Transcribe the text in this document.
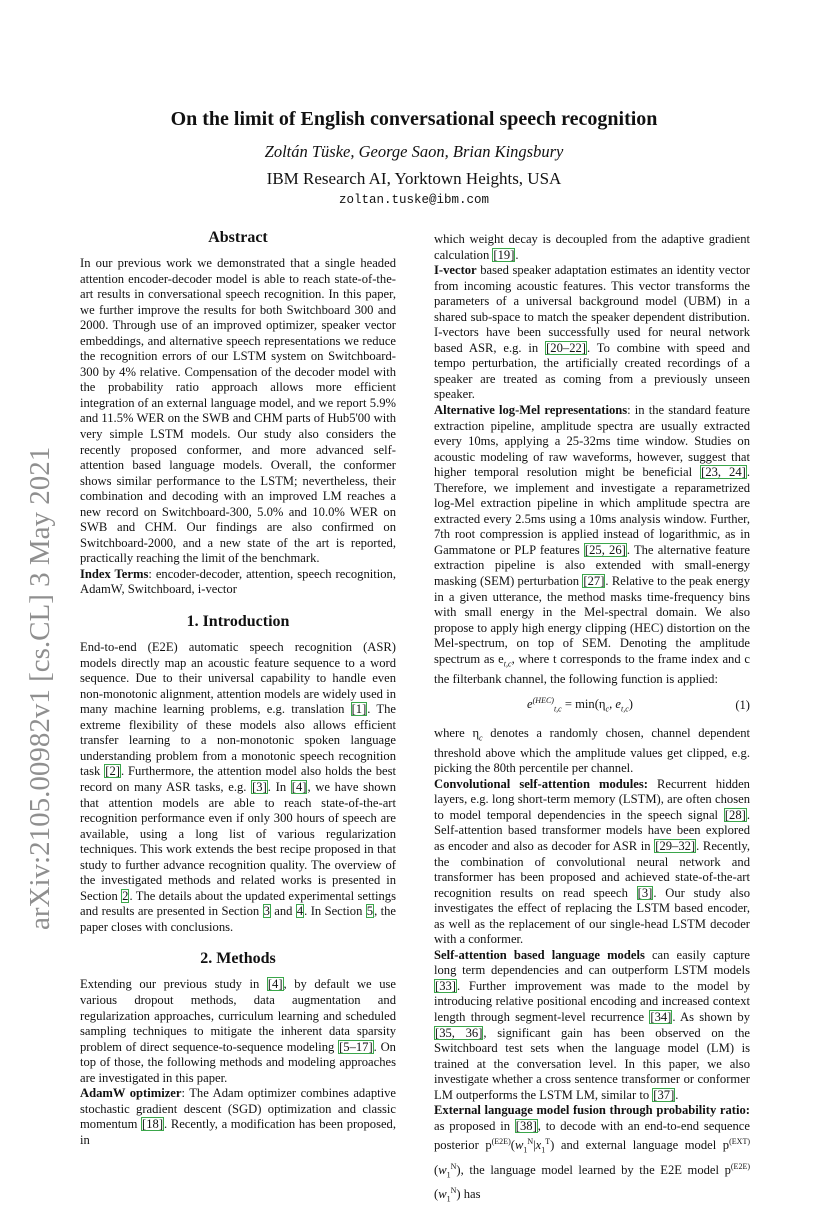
arXiv:2105.00982v1 [cs.CL] 3 May 2021
On the limit of English conversational speech recognition
Zoltán Tüske, George Saon, Brian Kingsbury
IBM Research AI, Yorktown Heights, USA
zoltan.tuske@ibm.com
Abstract

In our previous work we demonstrated that a single headed attention encoder-decoder model is able to reach state-of-the-art results in conversational speech recognition. In this paper, we further improve the results for both Switchboard 300 and 2000. Through use of an improved optimizer, speaker vector embeddings, and alternative speech representations we reduce the recognition errors of our LSTM system on Switchboard-300 by 4% relative. Compensation of the decoder model with the probability ratio approach allows more efficient integration of an external language model, and we report 5.9% and 11.5% WER on the SWB and CHM parts of Hub5'00 with very simple LSTM models. Our study also considers the recently proposed conformer, and more advanced self-attention based language models. Overall, the conformer shows similar performance to the LSTM; nevertheless, their combination and decoding with an improved LM reaches a new record on Switchboard-300, 5.0% and 10.0% WER on SWB and CHM. Our findings are also confirmed on Switchboard-2000, and a new state of the art is reported, practically reaching the limit of the benchmark.

Index Terms: encoder-decoder, attention, speech recognition, AdamW, Switchboard, i-vector

1. Introduction

End-to-end (E2E) automatic speech recognition (ASR) models directly map an acoustic feature sequence to a word sequence. Due to their universal capability to handle even non-monotonic alignment, attention models are widely used in many machine learning problems, e.g. translation [1]. The extreme flexibility of these models also allows efficient transfer learning to a non-monotonic spoken language understanding problem from a monotonic speech recognition task [2]. Furthermore, the attention model also holds the best record on many ASR tasks, e.g. [3]. In [4], we have shown that attention models are able to reach state-of-the-art recognition performance even if only 300 hours of speech are available, using a long list of various regularization techniques. This work extends the best recipe proposed in that study to further advance recognition quality. The overview of the investigated methods and related works is presented in Section 2. The details about the updated experimental settings and results are presented in Section 3 and 4. In Section 5, the paper closes with conclusions.

2. Methods

Extending our previous study in [4], by default we use various dropout methods, data augmentation and regularization approaches, curriculum learning and scheduled sampling techniques to mitigate the inherent data sparsity problem of direct sequence-to-sequence modeling [5–17]. On top of those, the following methods and modeling approaches are investigated in this paper.

AdamW optimizer: The Adam optimizer combines adaptive stochastic gradient descent (SGD) optimization and classic momentum [18]. Recently, a modification has been proposed, in

which weight decay is decoupled from the adaptive gradient calculation [19].

I-vector based speaker adaptation estimates an identity vector from incoming acoustic features. This vector transforms the parameters of a universal background model (UBM) in a shared sub-space to match the speaker dependent distribution. I-vectors have been successfully used for neural network based ASR, e.g. in [20–22]. To combine with speed and tempo perturbation, the artificially created recordings of a speaker are treated as coming from a previously unseen speaker.

Alternative log-Mel representations: in the standard feature extraction pipeline, amplitude spectra are usually extracted every 10ms, applying a 25-32ms time window. Studies on acoustic modeling of raw waveforms, however, suggest that higher temporal resolution might be beneficial [23, 24]. Therefore, we implement and investigate a reparametrized log-Mel extraction pipeline in which amplitude spectra are extracted every 2.5ms using a 10ms analysis window. Further, 7th root compression is applied instead of logarithmic, as in Gammatone or PLP features [25, 26]. The alternative feature extraction pipeline is also extended with small-energy masking (SEM) perturbation [27]. Relative to the peak energy in a given utterance, the method masks time-frequency bins with small energy in the Mel-spectral domain. We also propose to apply high energy clipping (HEC) distortion on the Mel-spectrum, on top of SEM. Denoting the amplitude spectrum as $e_{t,c}$, where t corresponds to the frame index and c the filterbank channel, the following function is applied:

$e^{(HEC)}_{t,c} = \min(\eta_c$, $e_{t,c}$)	(1)

where $\eta_c$ denotes a randomly chosen, channel dependent threshold above which the amplitude values get clipped, e.g. picking the 80th percentile per channel.

Convolutional self-attention modules: Recurrent hidden layers, e.g. long short-term memory (LSTM), are often chosen to model temporal dependencies in the speech signal [28]. Self-attention based transformer models have been explored as encoder and also as decoder for ASR in [29–32]. Recently, the combination of convolutional neural network and transformer has been proposed and achieved state-of-the-art recognition results on read speech [3]. Our study also investigates the effect of replacing the LSTM based encoder, as well as the replacement of our single-head LSTM decoder with a conformer.

Self-attention based language models can easily capture long term dependencies and can outperform LSTM models [33]. Further improvement was made to the model by introducing relative positional encoding and increased context length through segment-level recurrence [34]. As shown by [35, 36], significant gain has been observed on the Switchboard test sets when the language model (LM) is trained at the conversation level. In this paper, we also investigate whether a cross sentence transformer or conformer LM outperforms the LSTM LM, similar to [37].

External language model fusion through probability ratio: as proposed in [38], to decode with an end-to-end sequence posterior $p^{(E2E)}(w_1^N|x_1^T)$ and external language model $p^{(EXT)}(w_1^N)$, the language model learned by the E2E model $p^{(E2E)}(w_1^N)$ has
